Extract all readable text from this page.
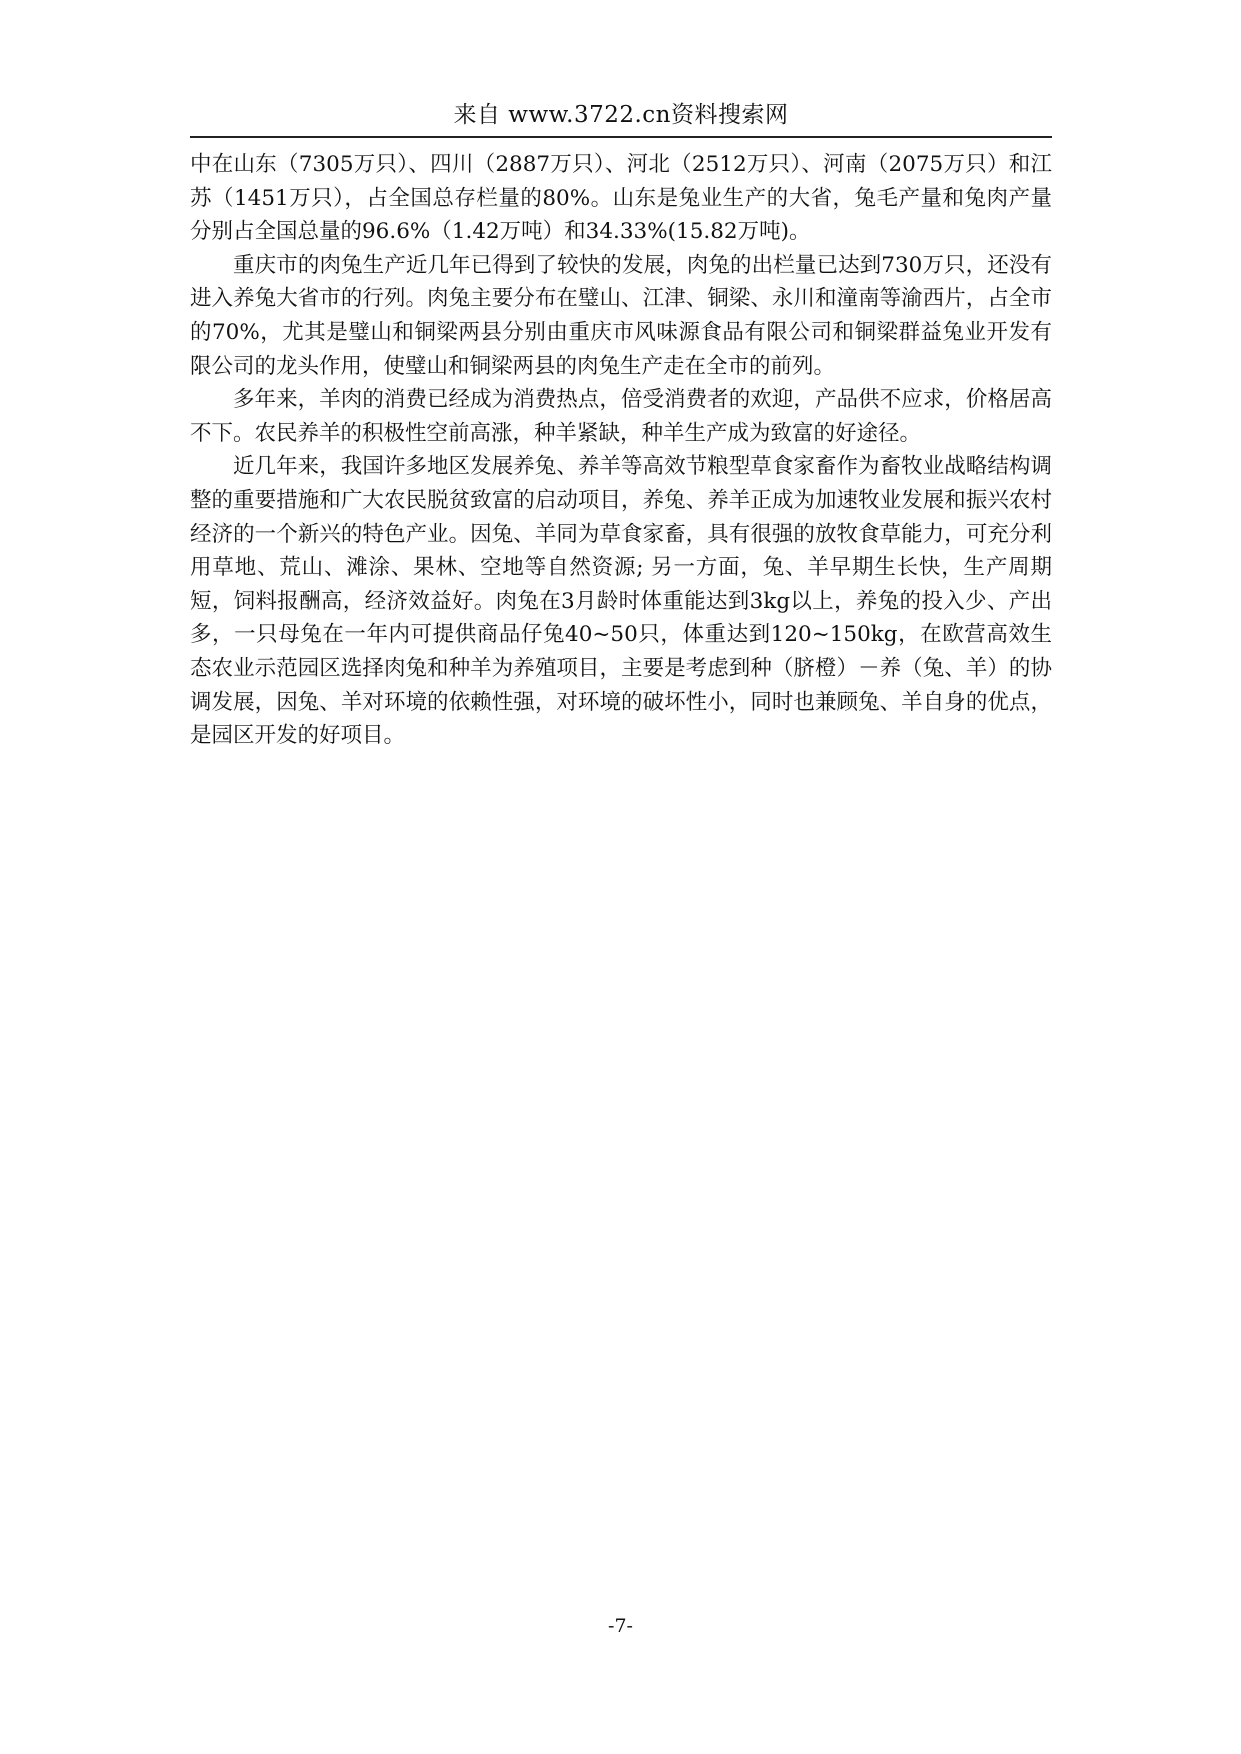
来自 www.3722.cn资料搜索网

中在山东（7305万只）、四川（2887万只）、河北（2512万只）、河南（2075万只）和江苏（1451万只），占全国总存栏量的80%。山东是兔业生产的大省，兔毛产量和兔肉产量分别占全国总量的96.6%（1.42万吨）和34.33%(15.82万吨)。

重庆市的肉兔生产近几年已得到了较快的发展，肉兔的出栏量已达到730万只，还没有进入养兔大省市的行列。肉兔主要分布在璧山、江津、铜梁、永川和潼南等渝西片，占全市的70%，尤其是璧山和铜梁两县分别由重庆市风味源食品有限公司和铜梁群益兔业开发有限公司的龙头作用，使璧山和铜梁两县的肉兔生产走在全市的前列。

多年来，羊肉的消费已经成为消费热点，倍受消费者的欢迎，产品供不应求，价格居高不下。农民养羊的积极性空前高涨，种羊紧缺，种羊生产成为致富的好途径。

近几年来，我国许多地区发展养兔、养羊等高效节粮型草食家畜作为畜牧业战略结构调整的重要措施和广大农民脱贫致富的启动项目，养兔、养羊正成为加速牧业发展和振兴农村经济的一个新兴的特色产业。因兔、羊同为草食家畜，具有很强的放牧食草能力，可充分利用草地、荒山、滩涂、果林、空地等自然资源; 另一方面，兔、羊早期生长快，生产周期短，饲料报酬高，经济效益好。肉兔在3月龄时体重能达到3kg以上，养兔的投入少、产出多，一只母兔在一年内可提供商品仔兔40~50只，体重达到120~150kg，在欧营高效生态农业示范园区选择肉兔和种羊为养殖项目，主要是考虑到种（脐橙）－养（兔、羊）的协调发展，因兔、羊对环境的依赖性强，对环境的破坏性小，同时也兼顾兔、羊自身的优点，是园区开发的好项目。

-7-
